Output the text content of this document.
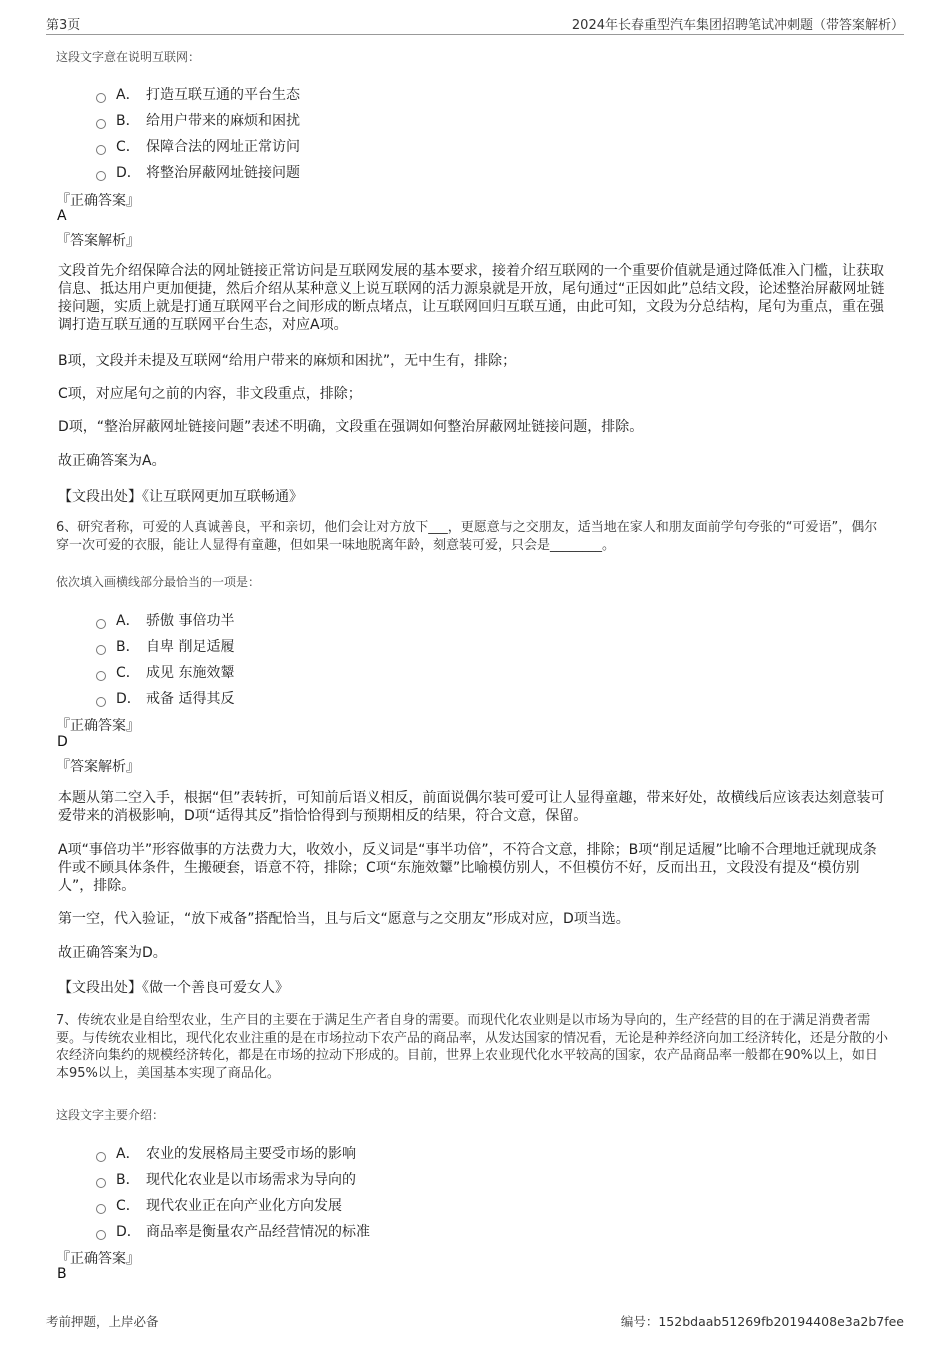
第3页	2024年长春重型汽车集团招聘笔试冲刺题（带答案解析）
这段文字意在说明互联网：
A． 打造互联互通的平台生态
B． 给用户带来的麻烦和困扰
C． 保障合法的网址正常访问
D． 将整治屏蔽网址链接问题
『正确答案』
A
『答案解析』
文段首先介绍保障合法的网址链接正常访问是互联网发展的基本要求，接着介绍互联网的一个重要价值就是通过降低准入门槛，让获取信息、抵达用户更加便捷，然后介绍从某种意义上说互联网的活力源泉就是开放，尾句通过“正因如此”总结文段，论述整治屏蔽网址链接问题，实质上就是打通互联网平台之间形成的断点堵点，让互联网回归互联互通，由此可知，文段为分总结构，尾句为重点，重在强调打造互联互通的互联网平台生态，对应A项。
B项，文段并未提及互联网“给用户带来的麻烦和困扰”，无中生有，排除；
C项，对应尾句之前的内容，非文段重点，排除；
D项，“整治屏蔽网址链接问题”表述不明确，文段重在强调如何整治屏蔽网址链接问题，排除。
故正确答案为A。
【文段出处】《让互联网更加互联畅通》
6、研究者称，可爱的人真诚善良，平和亲切，他们会让对方放下___，更愿意与之交朋友，适当地在家人和朋友面前学句夸张的“可爱语”，偶尔穿一次可爱的衣服，能让人显得有童趣，但如果一味地脱离年龄，刻意装可爱，只会是________。
依次填入画横线部分最恰当的一项是：
A． 骄傲 事倍功半
B． 自卑 削足适履
C． 成见 东施效颦
D． 戒备 适得其反
『正确答案』
D
『答案解析』
本题从第二空入手，根据“但”表转折，可知前后语义相反，前面说偶尔装可爱可让人显得童趣，带来好处，故横线后应该表达刻意装可爱带来的消极影响，D项“适得其反”指恰恰得到与预期相反的结果，符合文意，保留。
A项“事倍功半”形容做事的方法费力大，收效小，反义词是“事半功倍”，不符合文意，排除；B项“削足适履”比喻不合理地迁就现成条件或不顾具体条件，生搬硬套，语意不符，排除；C项“东施效颦”比喻模仿别人，不但模仿不好，反而出丑，文段没有提及“模仿别人”，排除。
第一空，代入验证，“放下戒备”搭配恰当，且与后文“愿意与之交朋友”形成对应，D项当选。
故正确答案为D。
【文段出处】《做一个善良可爱女人》
7、传统农业是自给型农业，生产目的主要在于满足生产者自身的需要。而现代化农业则是以市场为导向的，生产经营的目的在于满足消费者需要。与传统农业相比，现代化农业注重的是在市场拉动下农产品的商品率，从发达国家的情况看，无论是种养经济向加工经济转化，还是分散的小农经济向集约的规模经济转化，都是在市场的拉动下形成的。目前，世界上农业现代化水平较高的国家，农产品商品率一般都在90%以上，如日本95%以上，美国基本实现了商品化。
这段文字主要介绍：
A． 农业的发展格局主要受市场的影响
B． 现代化农业是以市场需求为导向的
C． 现代农业正在向产业化方向发展
D． 商品率是衡量农产品经营情况的标准
『正确答案』
B
考前押题，上岸必备	编号：152bdaab51269fb20194408e3a2b7fee
